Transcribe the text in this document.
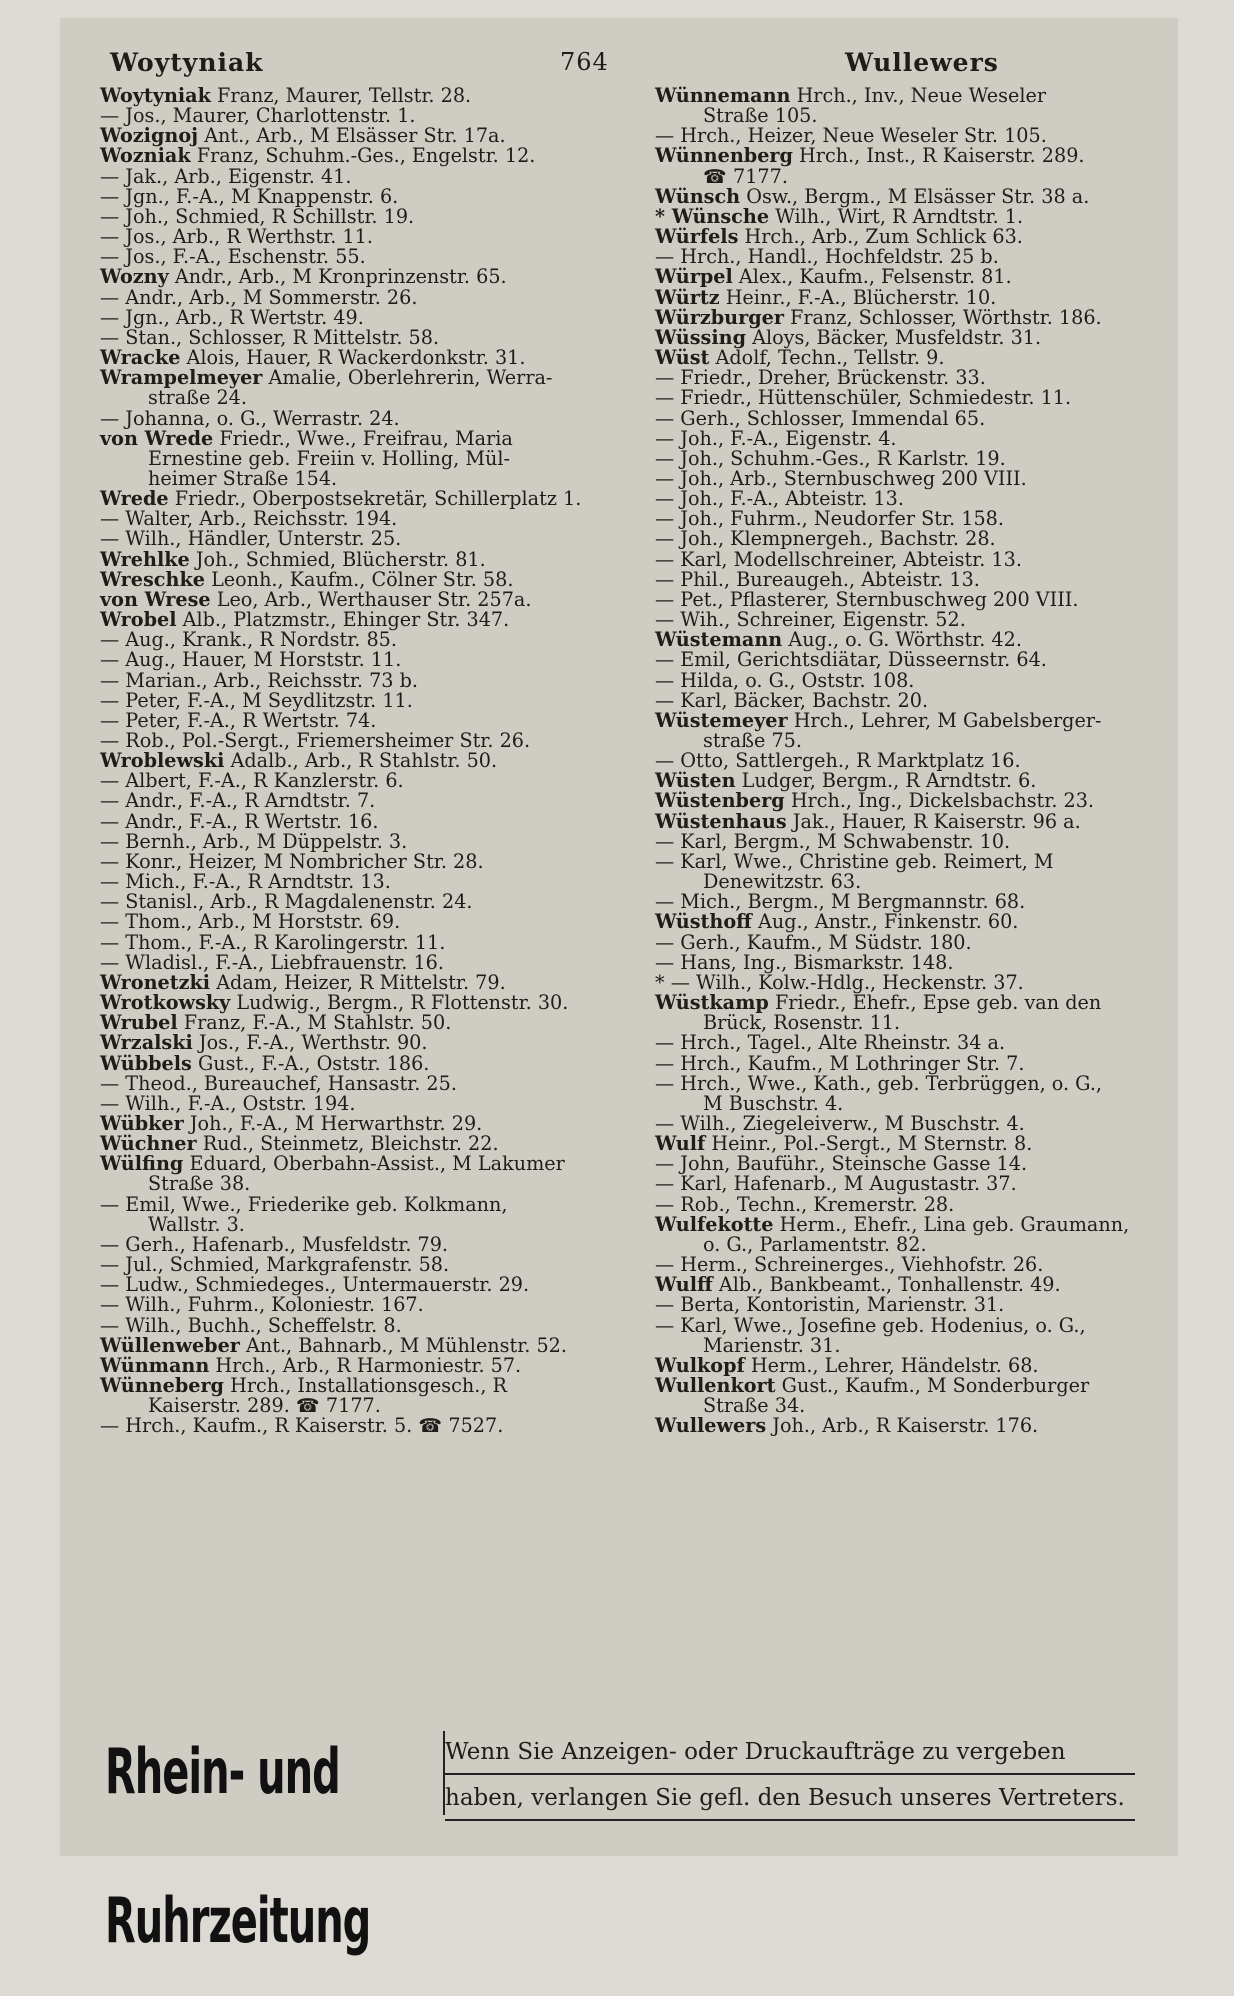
Woytyniak	764	Wullewers
Woytyniak Franz, Maurer, Tellstr. 28.
— Jos., Maurer, Charlottenstr. 1.
Wozignoj Ant., Arb., M Elsässer Str. 17a.
Wozniak Franz, Schuhm.-Ges., Engelstr. 12.
— Jak., Arb., Eigenstr. 41.
— Jgn., F.-A., M Knappenstr. 6.
— Joh., Schmied, R Schillstr. 19.
— Jos., Arb., R Werthstr. 11.
— Jos., F.-A., Eschenstr. 55.
Wozny Andr., Arb., M Kronprinzenstr. 65.
— Andr., Arb., M Sommerstr. 26.
— Jgn., Arb., R Wertstr. 49.
— Stan., Schlosser, R Mittelstr. 58.
Wracke Alois, Hauer, R Wackerdonkstr. 31.
Wrampelmeyer Amalie, Oberlehrerin, Werra-
straße 24.
— Johanna, o. G., Werrastr. 24.
von Wrede Friedr., Wwe., Freifrau, Maria
Ernestine geb. Freiin v. Holling, Mül-
heimer Straße 154.
Wrede Friedr., Oberpostsekretär, Schillerplatz 1.
— Walter, Arb., Reichsstr. 194.
— Wilh., Händler, Unterstr. 25.
Wrehlke Joh., Schmied, Blücherstr. 81.
Wreschke Leonh., Kaufm., Cölner Str. 58.
von Wrese Leo, Arb., Werthauser Str. 257a.
Wrobel Alb., Platzmstr., Ehinger Str. 347.
— Aug., Krank., R Nordstr. 85.
— Aug., Hauer, M Horststr. 11.
— Marian., Arb., Reichsstr. 73 b.
— Peter, F.-A., M Seydlitzstr. 11.
— Peter, F.-A., R Wertstr. 74.
— Rob., Pol.-Sergt., Friemersheimer Str. 26.
Wroblewski Adalb., Arb., R Stahlstr. 50.
— Albert, F.-A., R Kanzlerstr. 6.
— Andr., F.-A., R Arndtstr. 7.
— Andr., F.-A., R Wertstr. 16.
— Bernh., Arb., M Düppelstr. 3.
— Konr., Heizer, M Nombricher Str. 28.
— Mich., F.-A., R Arndtstr. 13.
— Stanisl., Arb., R Magdalenenstr. 24.
— Thom., Arb., M Horststr. 69.
— Thom., F.-A., R Karolingerstr. 11.
— Wladisl., F.-A., Liebfrauenstr. 16.
Wronetzki Adam, Heizer, R Mittelstr. 79.
Wrotkowsky Ludwig., Bergm., R Flottenstr. 30.
Wrubel Franz, F.-A., M Stahlstr. 50.
Wrzalski Jos., F.-A., Werthstr. 90.
Wübbels Gust., F.-A., Oststr. 186.
— Theod., Bureauchef, Hansastr. 25.
— Wilh., F.-A., Oststr. 194.
Wübker Joh., F.-A., M Herwarthstr. 29.
Wüchner Rud., Steinmetz, Bleichstr. 22.
Wülfing Eduard, Oberbahn-Assist., M Lakumer
Straße 38.
— Emil, Wwe., Friederike geb. Kolkmann,
Wallstr. 3.
— Gerh., Hafenarb., Musfeldstr. 79.
— Jul., Schmied, Markgrafenstr. 58.
— Ludw., Schmiedeges., Untermauerstr. 29.
— Wilh., Fuhrm., Koloniestr. 167.
— Wilh., Buchh., Scheffelstr. 8.
Wüllenweber Ant., Bahnarb., M Mühlenstr. 52.
Wünmann Hrch., Arb., R Harmoniestr. 57.
Wünneberg Hrch., Installationsgesch., R
Kaiserstr. 289. ☎ 7177.
— Hrch., Kaufm., R Kaiserstr. 5. ☎ 7527.
Wünnemann Hrch., Inv., Neue Weseler
Straße 105.
— Hrch., Heizer, Neue Weseler Str. 105.
Wünnenberg Hrch., Inst., R Kaiserstr. 289.
☎ 7177.
Wünsch Osw., Bergm., M Elsässer Str. 38 a.
* Wünsche Wilh., Wirt, R Arndtstr. 1.
Würfels Hrch., Arb., Zum Schlick 63.
— Hrch., Handl., Hochfeldstr. 25 b.
Würpel Alex., Kaufm., Felsenstr. 81.
Würtz Heinr., F.-A., Blücherstr. 10.
Würzburger Franz, Schlosser, Wörthstr. 186.
Wüssing Aloys, Bäcker, Musfeldstr. 31.
Wüst Adolf, Techn., Tellstr. 9.
— Friedr., Dreher, Brückenstr. 33.
— Friedr., Hüttenschüler, Schmiedestr. 11.
— Gerh., Schlosser, Immendal 65.
— Joh., F.-A., Eigenstr. 4.
— Joh., Schuhm.-Ges., R Karlstr. 19.
— Joh., Arb., Sternbuschweg 200 VIII.
— Joh., F.-A., Abteistr. 13.
— Joh., Fuhrm., Neudorfer Str. 158.
— Joh., Klempnergeh., Bachstr. 28.
— Karl, Modellschreiner, Abteistr. 13.
— Phil., Bureaugeh., Abteistr. 13.
— Pet., Pflasterer, Sternbuschweg 200 VIII.
— Wih., Schreiner, Eigenstr. 52.
Wüstemann Aug., o. G. Wörthstr. 42.
— Emil, Gerichtsdiätar, Düsseernstr. 64.
— Hilda, o. G., Oststr. 108.
— Karl, Bäcker, Bachstr. 20.
Wüstemeyer Hrch., Lehrer, M Gabelsberger-
straße 75.
— Otto, Sattlergeh., R Marktplatz 16.
Wüsten Ludger, Bergm., R Arndtstr. 6.
Wüstenberg Hrch., Ing., Dickelsbachstr. 23.
Wüstenhaus Jak., Hauer, R Kaiserstr. 96 a.
— Karl, Bergm., M Schwabenstr. 10.
— Karl, Wwe., Christine geb. Reimert, M
Denewitzstr. 63.
— Mich., Bergm., M Bergmannstr. 68.
Wüsthoff Aug., Anstr., Finkenstr. 60.
— Gerh., Kaufm., M Südstr. 180.
— Hans, Ing., Bismarkstr. 148.
* — Wilh., Kolw.-Hdlg., Heckenstr. 37.
Wüstkamp Friedr., Ehefr., Epse geb. van den
Brück, Rosenstr. 11.
— Hrch., Tagel., Alte Rheinstr. 34 a.
— Hrch., Kaufm., M Lothringer Str. 7.
— Hrch., Wwe., Kath., geb. Terbrüggen, o. G.,
M Buschstr. 4.
— Wilh., Ziegeleiverw., M Buschstr. 4.
Wulf Heinr., Pol.-Sergt., M Sternstr. 8.
— John, Bauführ., Steinsche Gasse 14.
— Karl, Hafenarb., M Augustastr. 37.
— Rob., Techn., Kremerstr. 28.
Wulfekotte Herm., Ehefr., Lina geb. Graumann,
o. G., Parlamentstr. 82.
— Herm., Schreinerges., Viehhofstr. 26.
Wulff Alb., Bankbeamt., Tonhallenstr. 49.
— Berta, Kontoristin, Marienstr. 31.
— Karl, Wwe., Josefine geb. Hodenius, o. G.,
Marienstr. 31.
Wulkopf Herm., Lehrer, Händelstr. 68.
Wullenkort Gust., Kaufm., M Sonderburger
Straße 34.
Wullewers Joh., Arb., R Kaiserstr. 176.
Rhein- und Ruhrzeitung
Wenn Sie Anzeigen- oder Druckaufträge zu vergeben
haben, verlangen Sie gefl. den Besuch unseres Vertreters.
